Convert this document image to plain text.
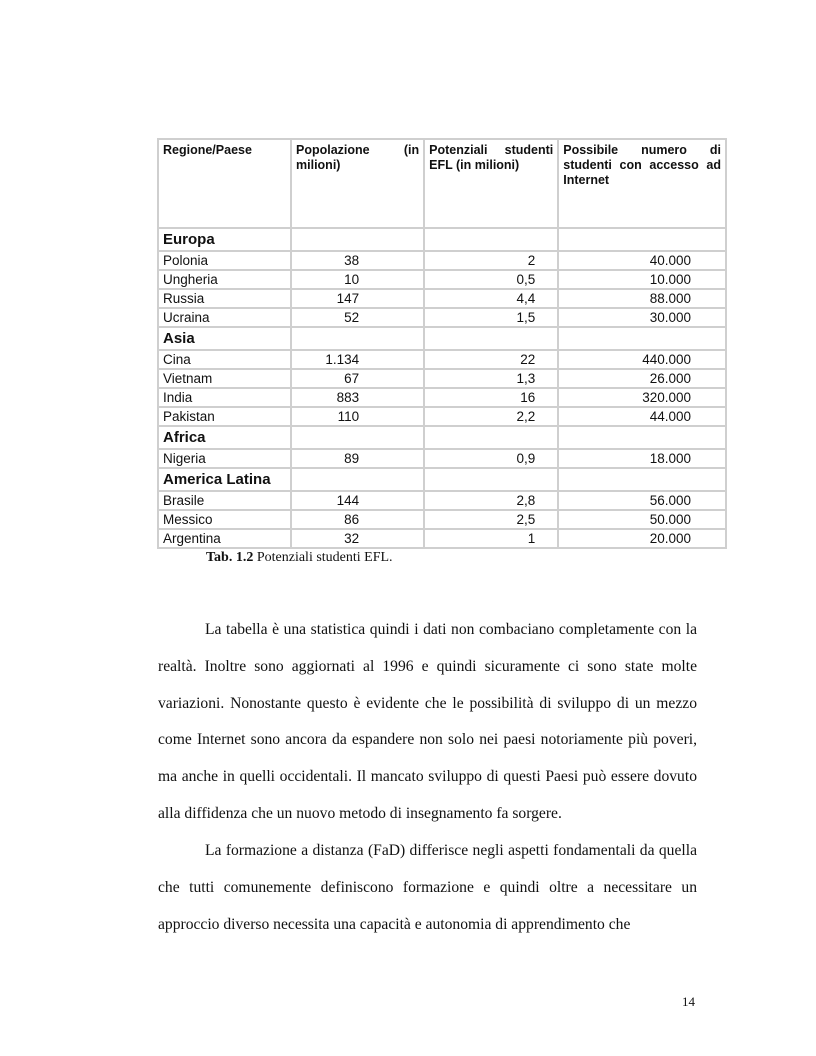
Regione/Paese	Popolazione (in milioni)	Potenziali studenti EFL (in milioni)	Possibile numero di studenti con accesso ad Internet
Europa			
Polonia	38	2	40.000
Ungheria	10	0,5	10.000
Russia	147	4,4	88.000
Ucraina	52	1,5	30.000
Asia			
Cina	1.134	22	440.000
Vietnam	67	1,3	26.000
India	883	16	320.000
Pakistan	110	2,2	44.000
Africa			
Nigeria	89	0,9	18.000
America Latina			
Brasile	144	2,8	56.000
Messico	86	2,5	50.000
Argentina	32	1	20.000
Tab. 1.2 Potenziali studenti EFL.

La tabella è una statistica quindi i dati non combaciano completamente con la realtà. Inoltre sono aggiornati al 1996 e quindi sicuramente ci sono state molte variazioni. Nonostante questo è evidente che le possibilità di sviluppo di un mezzo come Internet sono ancora da espandere non solo nei paesi notoriamente più poveri, ma anche in quelli occidentali. Il mancato sviluppo di questi Paesi può essere dovuto alla diffidenza che un nuovo metodo di insegnamento fa sorgere.

La formazione a distanza (FaD) differisce negli aspetti fondamentali da quella che tutti comunemente definiscono formazione e quindi oltre a necessitare un approccio diverso necessita una capacità e autonomia di apprendimento che

14
